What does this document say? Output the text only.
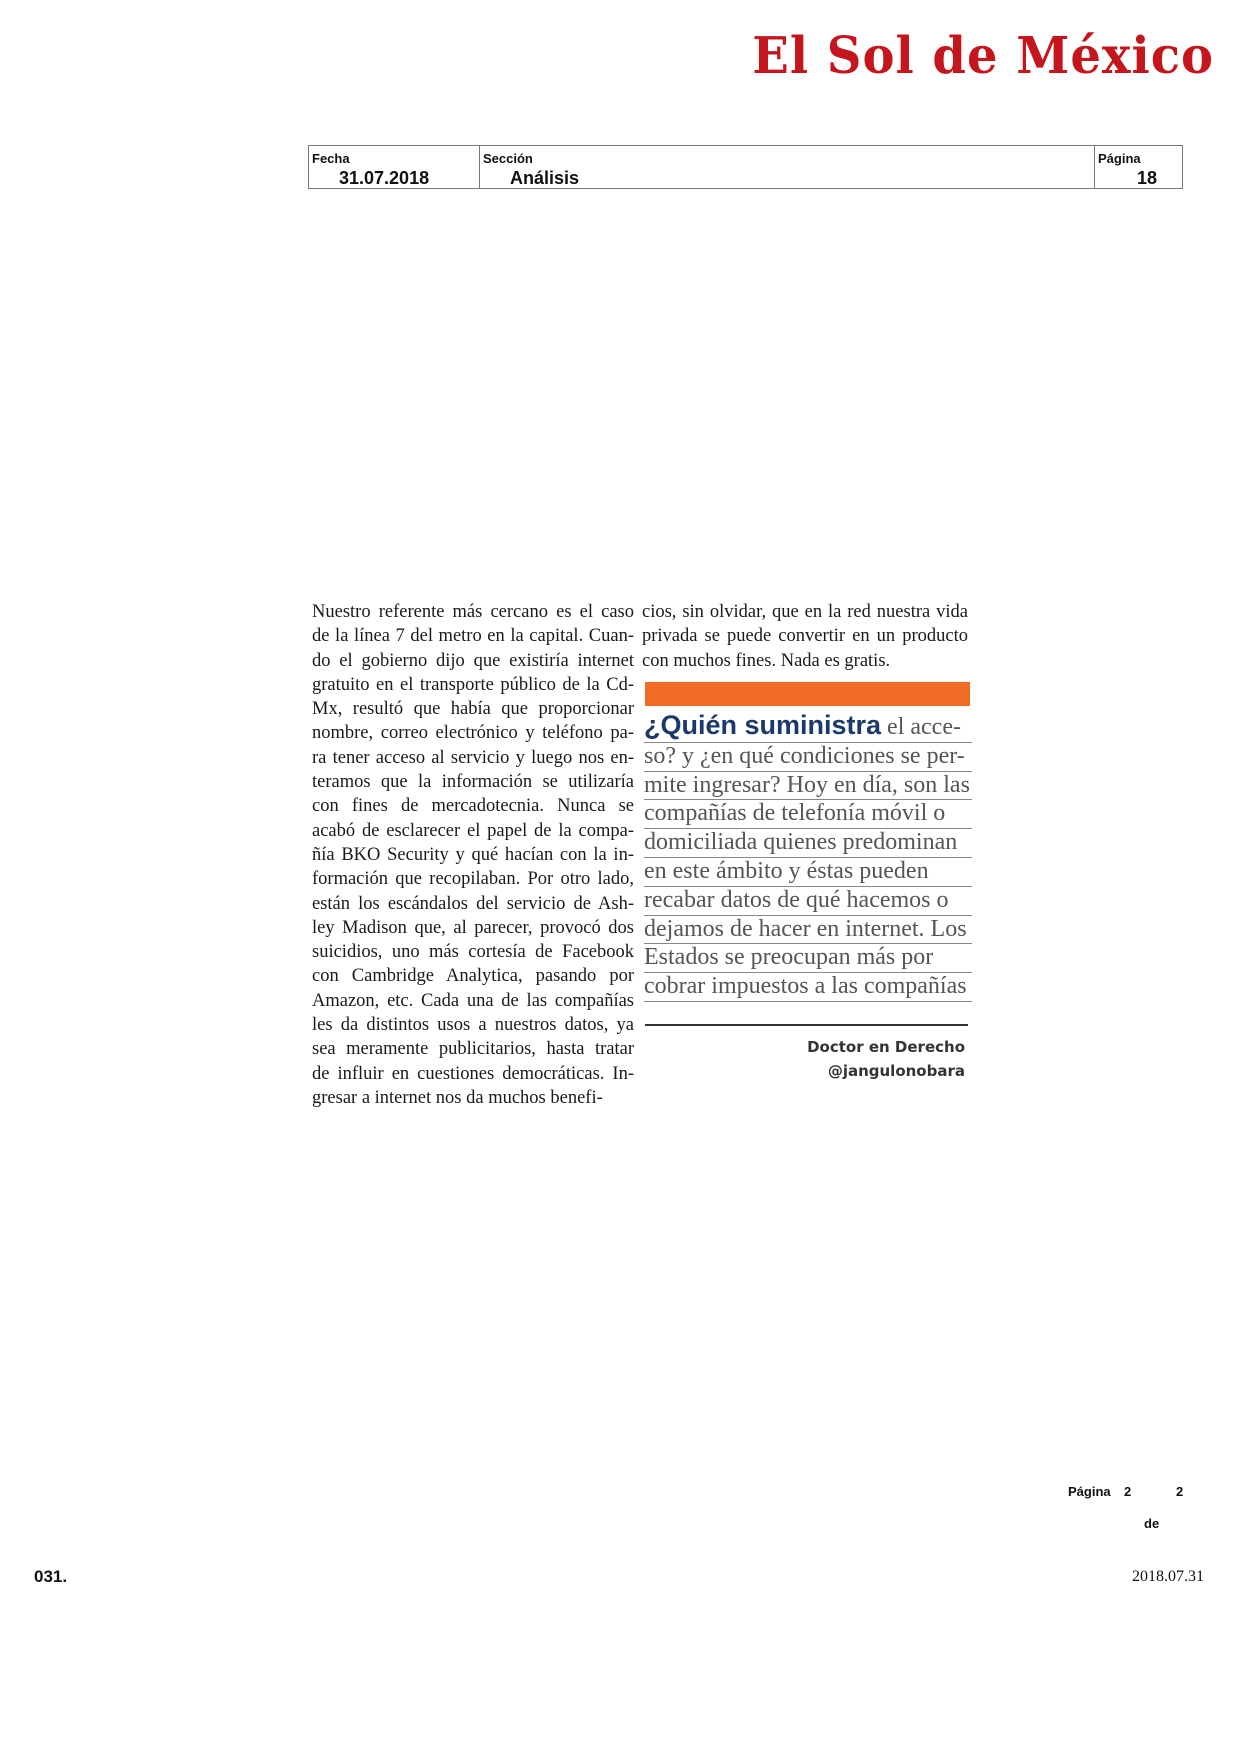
El Sol de México
Fecha
31.07.2018
Sección
Análisis
Página
18
Nuestro referente más cercano es el caso
de la línea 7 del metro en la capital. Cuan-
do el gobierno dijo que existiría internet
gratuito en el transporte público de la Cd-
Mx, resultó que había que proporcionar
nombre, correo electrónico y teléfono pa-
ra tener acceso al servicio y luego nos en-
teramos que la información se utilizaría
con fines de mercadotecnia. Nunca se
acabó de esclarecer el papel de la compa-
ñía BKO Security y qué hacían con la in-
formación que recopilaban. Por otro lado,
están los escándalos del servicio de Ash-
ley Madison que, al parecer, provocó dos
suicidios, uno más cortesía de Facebook
con Cambridge Analytica, pasando por
Amazon, etc. Cada una de las compañías
les da distintos usos a nuestros datos, ya
sea meramente publicitarios, hasta tratar
de influir en cuestiones democráticas. In-
gresar a internet nos da muchos benefi-
cios, sin olvidar, que en la red nuestra vida
privada se puede convertir en un producto
con muchos fines. Nada es gratis.
¿Quién suministra el acce-
so? y ¿en qué condiciones se per-
mite ingresar? Hoy en día, son las
compañías de telefonía móvil o
domiciliada quienes predominan
en este ámbito y éstas pueden
recabar datos de qué hacemos o
dejamos de hacer en internet. Los
Estados se preocupan más por
cobrar impuestos a las compañías
Doctor en Derecho
@jangulonobara
Página 2	2
de
031.	2018.07.31
